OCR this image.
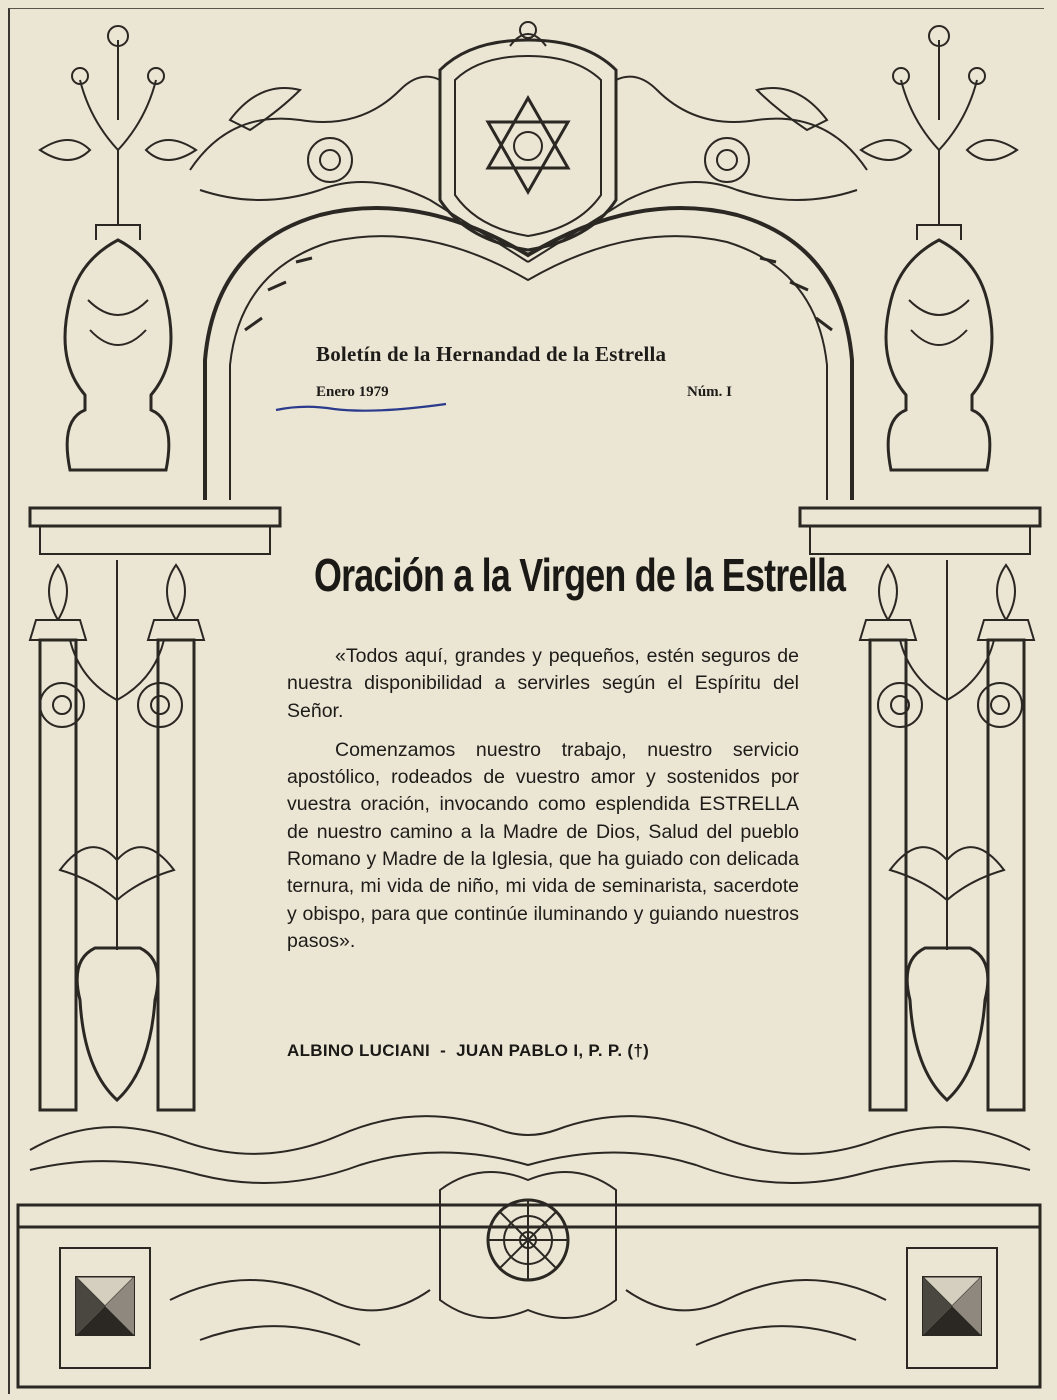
Boletín de la Hernandad de la Estrella
Enero 1979	Núm. I
Oración a la Virgen de la Estrella

«Todos aquí, grandes y pequeños, estén seguros de nuestra disponibilidad a servirles según el Espíritu del Señor.

Comenzamos nuestro trabajo, nuestro servicio apostólico, rodeados de vuestro amor y sostenidos por vuestra oración, invocando como esplendida ESTRELLA de nuestro camino a la Madre de Dios, Salud del pueblo Romano y Madre de la Iglesia, que ha guiado con delicada ternura, mi vida de niño, mi vida de seminarista, sacerdote y obispo, para que continúe iluminando y guiando nuestros pasos».

ALBINO LUCIANI  -  JUAN PABLO I, P. P. (†)
